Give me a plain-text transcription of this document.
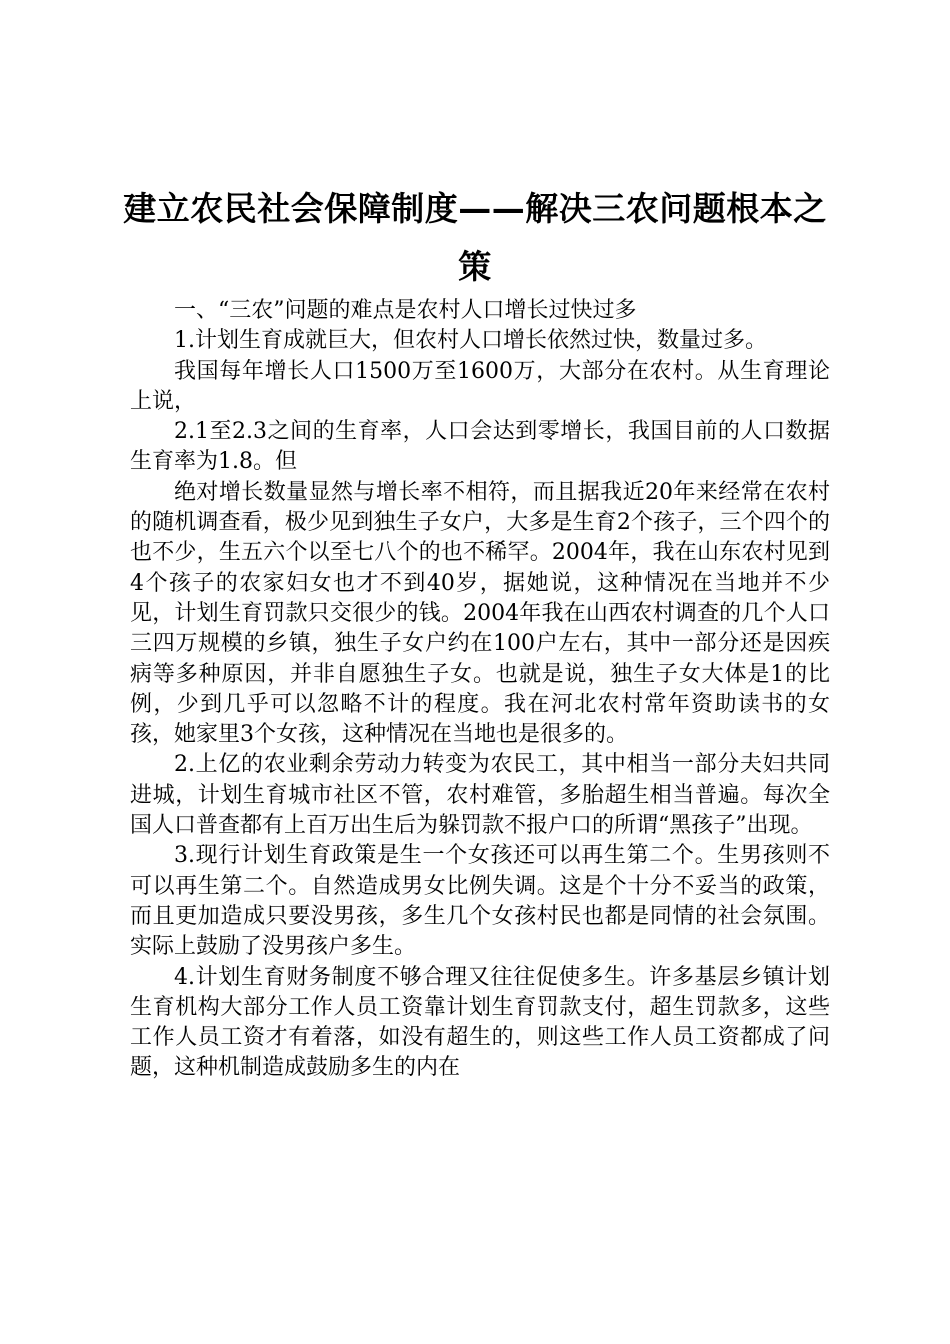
建立农民社会保障制度——解决三农问题根本之策

一、“三农”问题的难点是农村人口增长过快过多

1.计划生育成就巨大，但农村人口增长依然过快，数量过多。

我国每年增长人口1500万至1600万，大部分在农村。从生育理论上说，

2.1至2.3之间的生育率，人口会达到零增长，我国目前的人口数据生育率为1.8。但

绝对增长数量显然与增长率不相符，而且据我近20年来经常在农村的随机调查看，极少见到独生子女户，大多是生育2个孩子，三个四个的也不少，生五六个以至七八个的也不稀罕。2004年，我在山东农村见到4个孩子的农家妇女也才不到40岁，据她说，这种情况在当地并不少见，计划生育罚款只交很少的钱。2004年我在山西农村调查的几个人口三四万规模的乡镇，独生子女户约在100户左右，其中一部分还是因疾病等多种原因，并非自愿独生子女。也就是说，独生子女大体是1的比例，少到几乎可以忽略不计的程度。我在河北农村常年资助读书的女孩，她家里3个女孩，这种情况在当地也是很多的。

2.上亿的农业剩余劳动力转变为农民工，其中相当一部分夫妇共同进城，计划生育城市社区不管，农村难管，多胎超生相当普遍。每次全国人口普查都有上百万出生后为躲罚款不报户口的所谓“黑孩子”出现。

3.现行计划生育政策是生一个女孩还可以再生第二个。生男孩则不可以再生第二个。自然造成男女比例失调。这是个十分不妥当的政策，而且更加造成只要没男孩，多生几个女孩村民也都是同情的社会氛围。实际上鼓励了没男孩户多生。

4.计划生育财务制度不够合理又往往促使多生。许多基层乡镇计划生育机构大部分工作人员工资靠计划生育罚款支付，超生罚款多，这些工作人员工资才有着落，如没有超生的，则这些工作人员工资都成了问题，这种机制造成鼓励多生的内在
